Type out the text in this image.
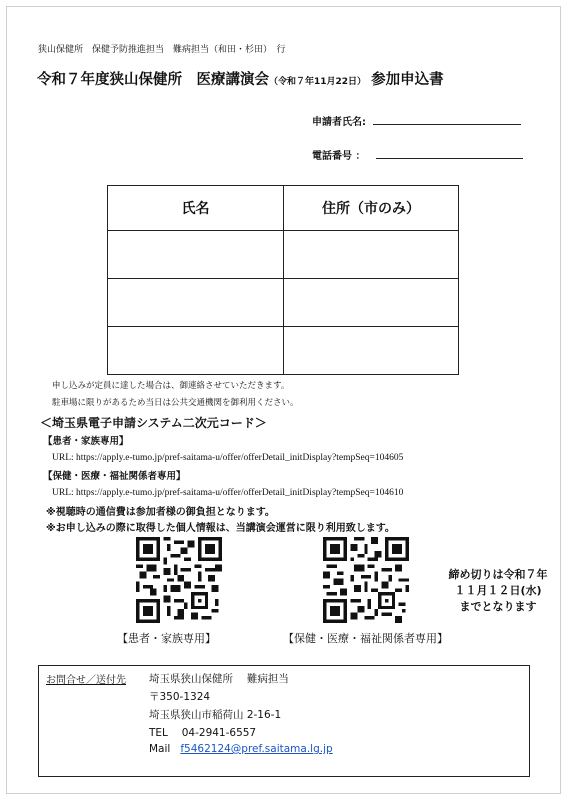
狭山保健所　保健予防推進担当　難病担当（和田・杉田）　行
令和７年度狭山保健所　医療講演会（令和７年11月22日） 参加申込書
申請者氏名:
電話番号 ：
氏名	住所（市のみ）

申し込みが定員に達した場合は、御連絡させていただきます。
駐車場に限りがあるため当日は公共交通機関を御利用ください。
＜埼玉県電子申請システム二次元コード＞
【患者・家族専用】
URL: https://apply.e-tumo.jp/pref-saitama-u/offer/offerDetail_initDisplay?tempSeq=104605
【保健・医療・福祉関係者専用】
URL: https://apply.e-tumo.jp/pref-saitama-u/offer/offerDetail_initDisplay?tempSeq=104610
※視聴時の通信費は参加者様の御負担となります。
※お申し込みの際に取得した個人情報は、当講演会運営に限り利用致します。
【患者・家族専用】	【保健・医療・福祉関係者専用】
締め切りは令和７年
１１月１２日(水)
までとなります
お問合せ／送付先 埼玉県狭山保健所　 難病担当
〒350-1324
埼玉県狭山市稲荷山 2-16-1
TEL　 04-2941-6557
Mail f5462124@pref.saitama.lg.jp
